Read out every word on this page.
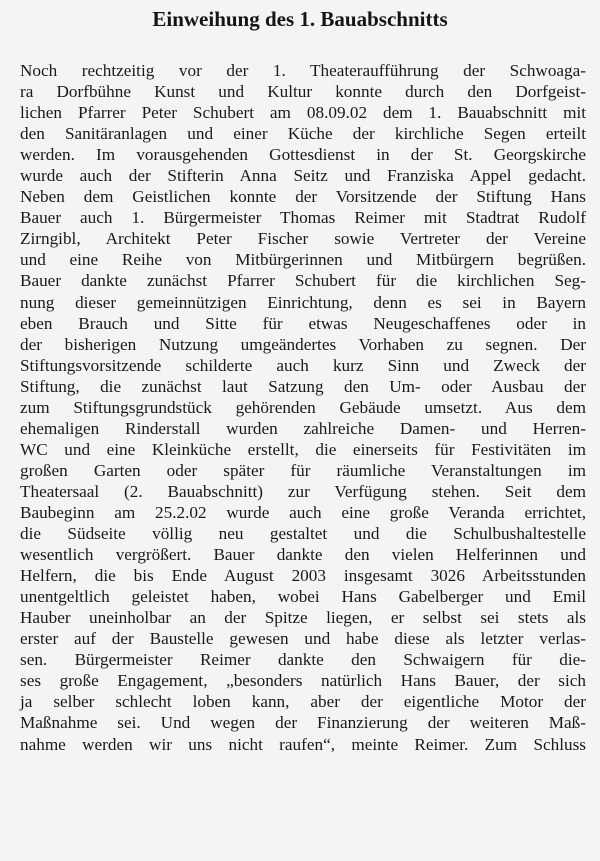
Einweihung des 1. Bauabschnitts
Noch rechtzeitig vor der 1. Theateraufführung der Schwoaga-
ra Dorfbühne Kunst und Kultur konnte durch den Dorfgeist-
lichen Pfarrer Peter Schubert am 08.09.02 dem 1. Bauabschnitt mit
den Sanitäranlagen und einer Küche der kirchliche Segen erteilt
werden. Im vorausgehenden Gottesdienst in der St. Georgskirche
wurde auch der Stifterin Anna Seitz und Franziska Appel gedacht.
Neben dem Geistlichen konnte der Vorsitzende der Stiftung Hans
Bauer auch 1. Bürgermeister Thomas Reimer mit Stadtrat Rudolf
Zirngibl, Architekt Peter Fischer sowie Vertreter der Vereine
und eine Reihe von Mitbürgerinnen und Mitbürgern begrüßen.
Bauer dankte zunächst Pfarrer Schubert für die kirchlichen Seg-
nung dieser gemeinnützigen Einrichtung, denn es sei in Bayern
eben Brauch und Sitte für etwas Neugeschaffenes oder in
der bisherigen Nutzung umgeändertes Vorhaben zu segnen. Der
Stiftungsvorsitzende schilderte auch kurz Sinn und Zweck der
Stiftung, die zunächst laut Satzung den Um- oder Ausbau der
zum Stiftungsgrundstück gehörenden Gebäude umsetzt. Aus dem
ehemaligen Rinderstall wurden zahlreiche Damen- und Herren-
WC und eine Kleinküche erstellt, die einerseits für Festivitäten im
großen Garten oder später für räumliche Veranstaltungen im
Theatersaal (2. Bauabschnitt) zur Verfügung stehen. Seit dem
Baubeginn am 25.2.02 wurde auch eine große Veranda errichtet,
die Südseite völlig neu gestaltet und die Schulbushaltestelle
wesentlich vergrößert. Bauer dankte den vielen Helferinnen und
Helfern, die bis Ende August 2003 insgesamt 3026 Arbeitsstunden
unentgeltlich geleistet haben, wobei Hans Gabelberger und Emil
Hauber uneinholbar an der Spitze liegen, er selbst sei stets als
erster auf der Baustelle gewesen und habe diese als letzter verlas-
sen. Bürgermeister Reimer dankte den Schwaigern für die-
ses große Engagement, „besonders natürlich Hans Bauer, der sich
ja selber schlecht loben kann, aber der eigentliche Motor der
Maßnahme sei. Und wegen der Finanzierung der weiteren Maß-
nahme werden wir uns nicht raufen“, meinte Reimer. Zum Schluss
